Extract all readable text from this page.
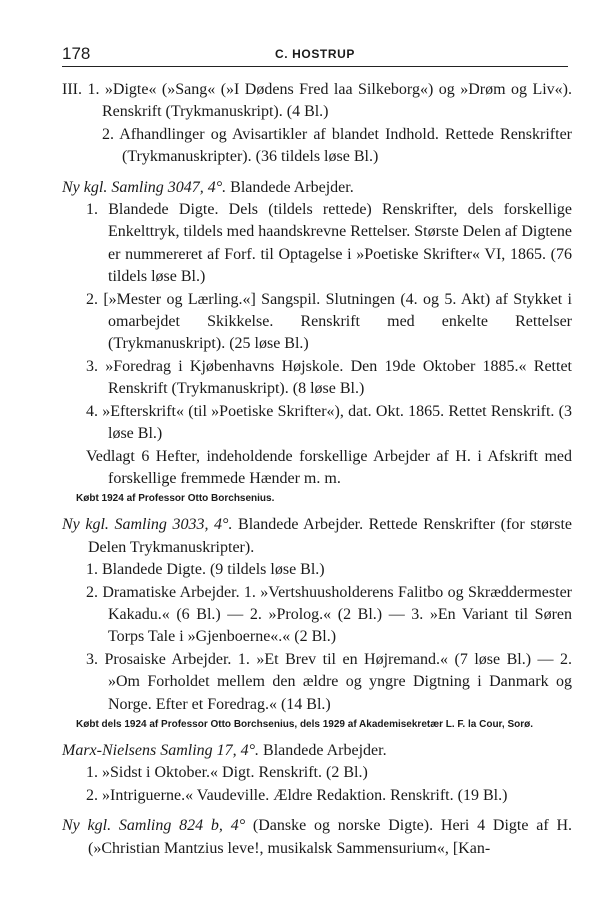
178	C. HOSTRUP
III. 1. »Digte« (»Sang« (»I Dødens Fred laa Silkeborg«) og »Drøm og Liv«). Renskrift (Trykmanuskript). (4 Bl.)
2. Afhandlinger og Avisartikler af blandet Indhold. Rettede Renskrifter (Trykmanuskripter). (36 tildels løse Bl.)
Ny kgl. Samling 3047, 4°. Blandede Arbejder.
1. Blandede Digte. Dels (tildels rettede) Renskrifter, dels forskellige Enkelttryk, tildels med haandskrevne Rettelser. Største Delen af Digtene er nummereret af Forf. til Optagelse i »Poetiske Skrifter« VI, 1865. (76 tildels løse Bl.)
2. [»Mester og Lærling.«] Sangspil. Slutningen (4. og 5. Akt) af Stykket i omarbejdet Skikkelse. Renskrift med enkelte Rettelser (Trykmanuskript). (25 løse Bl.)
3. »Foredrag i Kjøbenhavns Højskole. Den 19de Oktober 1885.« Rettet Renskrift (Trykmanuskript). (8 løse Bl.)
4. »Efterskrift« (til »Poetiske Skrifter«), dat. Okt. 1865. Rettet Renskrift. (3 løse Bl.)
Vedlagt 6 Hefter, indeholdende forskellige Arbejder af H. i Afskrift med forskellige fremmede Hænder m. m.
Købt 1924 af Professor Otto Borchsenius.
Ny kgl. Samling 3033, 4°. Blandede Arbejder. Rettede Renskrifter (for største Delen Trykmanuskripter).
1. Blandede Digte. (9 tildels løse Bl.)
2. Dramatiske Arbejder. 1. »Vertshuusholderens Falitbo og Skræddermester Kakadu.« (6 Bl.) — 2. »Prolog.« (2 Bl.) — 3. »En Variant til Søren Torps Tale i »Gjenboerne«.« (2 Bl.)
3. Prosaiske Arbejder. 1. »Et Brev til en Højremand.« (7 løse Bl.) — 2. »Om Forholdet mellem den ældre og yngre Digtning i Danmark og Norge. Efter et Foredrag.« (14 Bl.)
Købt dels 1924 af Professor Otto Borchsenius, dels 1929 af Akademisekretær L. F. la Cour, Sorø.
Marx-Nielsens Samling 17, 4°. Blandede Arbejder.
1. »Sidst i Oktober.« Digt. Renskrift. (2 Bl.)
2. »Intriguerne.« Vaudeville. Ældre Redaktion. Renskrift. (19 Bl.)
Ny kgl. Samling 824 b, 4° (Danske og norske Digte). Heri 4 Digte af H. (»Christian Mantzius leve!, musikalsk Sammensurium«, [Kan-
